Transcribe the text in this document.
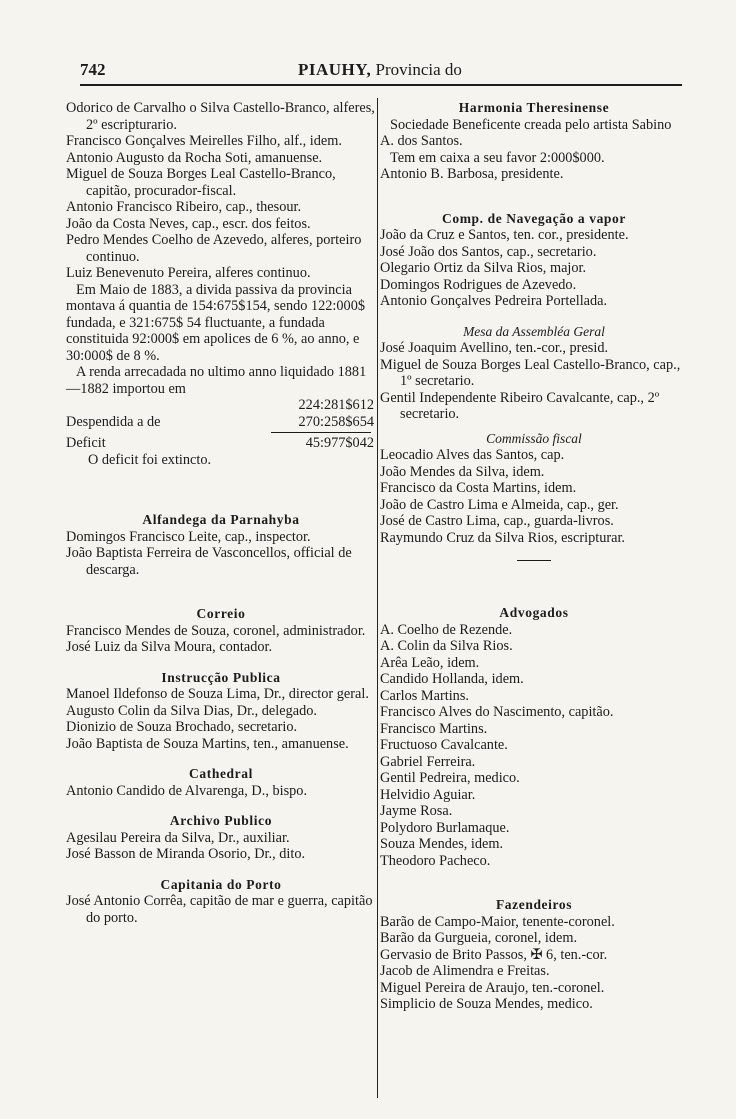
742	PIAUHY, Provincia do
Odorico de Carvalho o Silva Castello-Branco, alferes, 2º escripturario.
Francisco Gonçalves Meirelles Filho, alf., idem.
Antonio Augusto da Rocha Soti, amanuense.
Miguel de Souza Borges Leal Castello-Branco, capitão, procurador-fiscal.
Antonio Francisco Ribeiro, cap., thesour.
João da Costa Neves, cap., escr. dos feitos.
Pedro Mendes Coelho de Azevedo, alferes, porteiro continuo.
Luiz Benevenuto Pereira, alferes continuo.
Em Maio de 1883, a divida passiva da provincia montava á quantia de 154:675$154, sendo 122:000$ fundada, e 321:675$ 54 fluctuante, a fundada constituida 92:000$ em apolices de 6 %, ao anno, e 30:000$ de 8 %.
A renda arrecadada no ultimo anno liquidado 1881—1882 importou em
224:281$612
Despendida a de	270:258$654
Deficit	45:977$042
O deficit foi extincto.
Alfandega da Parnahyba
Domingos Francisco Leite, cap., inspector.
João Baptista Ferreira de Vasconcellos, official de descarga.
Correio
Francisco Mendes de Souza, coronel, administrador.
José Luiz da Silva Moura, contador.
Instrucção Publica
Manoel Ildefonso de Souza Lima, Dr., director geral.
Augusto Colin da Silva Dias, Dr., delegado.
Dionizio de Souza Brochado, secretario.
João Baptista de Souza Martins, ten., amanuense.
Cathedral
Antonio Candido de Alvarenga, D., bispo.
Archivo Publico
Agesilau Pereira da Silva, Dr., auxiliar.
José Basson de Miranda Osorio, Dr., dito.
Capitania do Porto
José Antonio Corrêa, capitão de mar e guerra, capitão do porto.
Harmonia Theresinense
Sociedade Beneficente creada pelo artista Sabino A. dos Santos.
Tem em caixa a seu favor 2:000$000.
Antonio B. Barbosa, presidente.
Comp. de Navegação a vapor
João da Cruz e Santos, ten. cor., presidente.
José João dos Santos, cap., secretario.
Olegario Ortiz da Silva Rios, major.
Domingos Rodrigues de Azevedo.
Antonio Gonçalves Pedreira Portellada.
Mesa da Assembléa Geral
José Joaquim Avellino, ten.-cor., presid.
Miguel de Souza Borges Leal Castello-Branco, cap., 1º secretario.
Gentil Independente Ribeiro Cavalcante, cap., 2º secretario.
Commissão fiscal
Leocadio Alves das Santos, cap.
João Mendes da Silva, idem.
Francisco da Costa Martins, idem.
João de Castro Lima e Almeida, cap., ger.
José de Castro Lima, cap., guarda-livros.
Raymundo Cruz da Silva Rios, escripturar.
Advogados
A. Coelho de Rezende.
A. Colin da Silva Rios.
Arêa Leão, idem.
Candido Hollanda, idem.
Carlos Martins.
Francisco Alves do Nascimento, capitão.
Francisco Martins.
Fructuoso Cavalcante.
Gabriel Ferreira.
Gentil Pedreira, medico.
Helvidio Aguiar.
Jayme Rosa.
Polydoro Burlamaque.
Souza Mendes, idem.
Theodoro Pacheco.
Fazendeiros
Barão de Campo-Maior, tenente-coronel.
Barão da Gurgueia, coronel, idem.
Gervasio de Brito Passos, ✠ 6, ten.-cor.
Jacob de Alimendra e Freitas.
Miguel Pereira de Araujo, ten.-coronel.
Simplicio de Souza Mendes, medico.
